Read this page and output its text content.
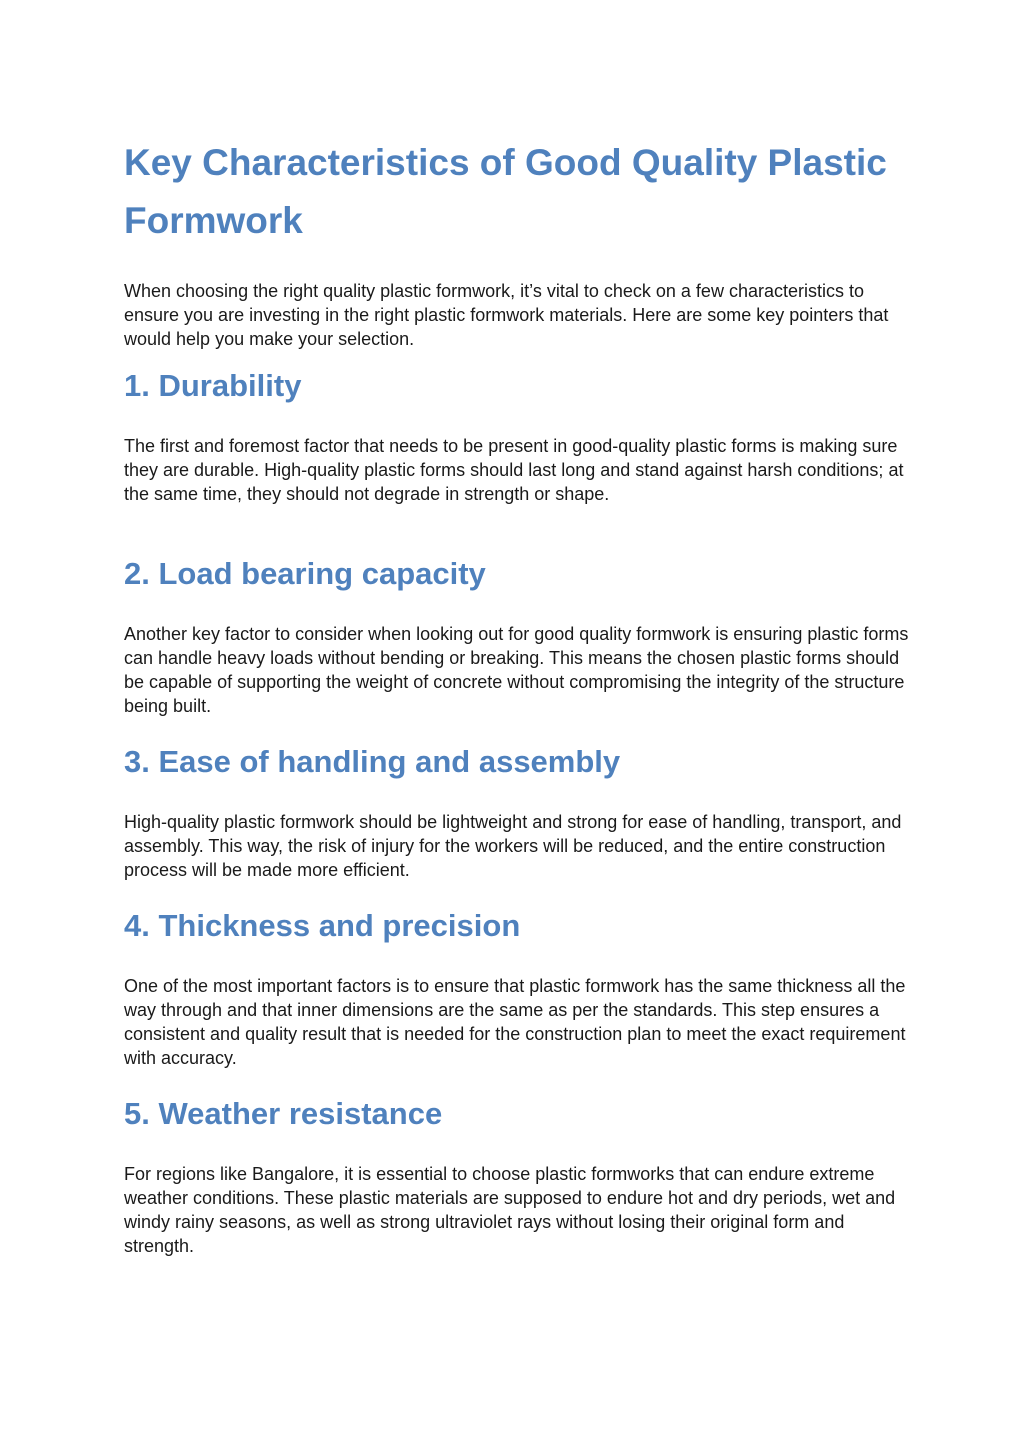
Key Characteristics of Good Quality Plastic Formwork

When choosing the right quality plastic formwork, it’s vital to check on a few characteristics to ensure you are investing in the right plastic formwork materials. Here are some key pointers that would help you make your selection.

1. Durability

The first and foremost factor that needs to be present in good-quality plastic forms is making sure they are durable. High-quality plastic forms should last long and stand against harsh conditions; at the same time, they should not degrade in strength or shape.

2. Load bearing capacity

Another key factor to consider when looking out for good quality formwork is ensuring plastic forms can handle heavy loads without bending or breaking. This means the chosen plastic forms should be capable of supporting the weight of concrete without compromising the integrity of the structure being built.

3. Ease of handling and assembly

High-quality plastic formwork should be lightweight and strong for ease of handling, transport, and assembly. This way, the risk of injury for the workers will be reduced, and the entire construction process will be made more efficient.

4. Thickness and precision

One of the most important factors is to ensure that plastic formwork has the same thickness all the way through and that inner dimensions are the same as per the standards. This step ensures a consistent and quality result that is needed for the construction plan to meet the exact requirement with accuracy.

5. Weather resistance

For regions like Bangalore, it is essential to choose plastic formworks that can endure extreme weather conditions. These plastic materials are supposed to endure hot and dry periods, wet and windy rainy seasons, as well as strong ultraviolet rays without losing their original form and strength.
